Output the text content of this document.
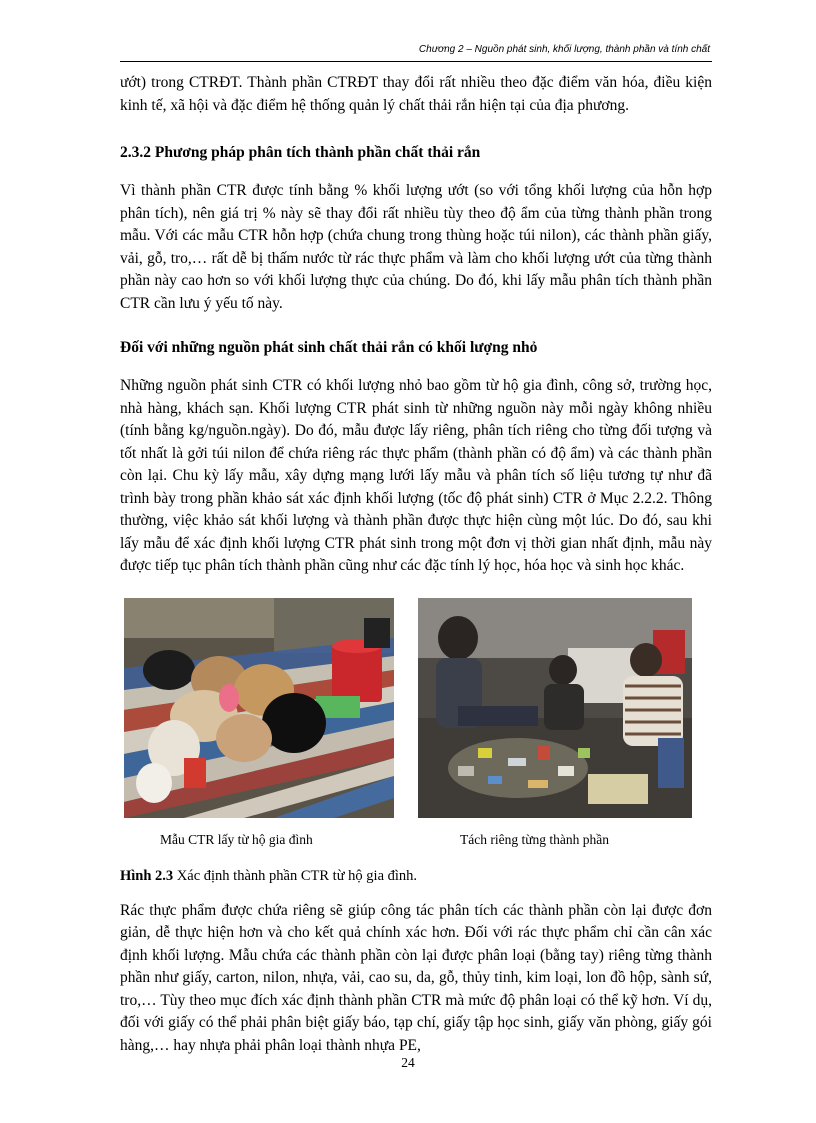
Chương 2 – Nguồn phát sinh, khối lượng, thành phần và tính chất

ướt) trong CTRĐT. Thành phần CTRĐT thay đổi rất nhiều theo đặc điểm văn hóa, điều kiện kinh tế, xã hội và đặc điểm hệ thống quản lý chất thải rắn hiện tại của địa phương.

2.3.2 Phương pháp phân tích thành phần chất thải rắn

Vì thành phần CTR được tính bằng % khối lượng ướt (so với tổng khối lượng của hỗn hợp phân tích), nên giá trị % này sẽ thay đổi rất nhiều tùy theo độ ẩm của từng thành phần trong mẫu. Với các mẫu CTR hỗn hợp (chứa chung trong thùng hoặc túi nilon), các thành phần giấy, vải, gỗ, tro,… rất dễ bị thấm nước từ rác thực phẩm và làm cho khối lượng ướt của từng thành phần này cao hơn so với khối lượng thực của chúng. Do đó, khi lấy mẫu phân tích thành phần CTR cần lưu ý yếu tố này.

Đối với những nguồn phát sinh chất thải rắn có khối lượng nhỏ

Những nguồn phát sinh CTR có khối lượng nhỏ bao gồm từ hộ gia đình, công sở, trường học, nhà hàng, khách sạn. Khối lượng CTR phát sinh từ những nguồn này mỗi ngày không nhiều (tính bằng kg/nguồn.ngày). Do đó, mẫu được lấy riêng, phân tích riêng cho từng đối tượng và tốt nhất là gởi túi nilon để chứa riêng rác thực phẩm (thành phần có độ ẩm) và các thành phần còn lại. Chu kỳ lấy mẫu, xây dựng mạng lưới lấy mẫu và phân tích số liệu tương tự như đã trình bày trong phần khảo sát xác định khối lượng (tốc độ phát sinh) CTR ở Mục 2.2.2. Thông thường, việc khảo sát khối lượng và thành phần được thực hiện cùng một lúc. Do đó, sau khi lấy mẫu để xác định khối lượng CTR phát sinh trong một đơn vị thời gian nhất định, mẫu này được tiếp tục phân tích thành phần cũng như các đặc tính lý học, hóa học và sinh học khác.

Mẫu CTR lấy từ hộ gia đình	Tách riêng từng thành phần
Hình 2.3 Xác định thành phần CTR từ hộ gia đình.

Rác thực phẩm được chứa riêng sẽ giúp công tác phân tích các thành phần còn lại được đơn giản, dễ thực hiện hơn và cho kết quả chính xác hơn. Đối với rác thực phẩm chỉ cần cân xác định khối lượng. Mẫu chứa các thành phần còn lại được phân loại (bằng tay) riêng từng thành phần như giấy, carton, nilon, nhựa, vải, cao su, da, gỗ, thủy tinh, kim loại, lon đồ hộp, sành sứ, tro,… Tùy theo mục đích xác định thành phần CTR mà mức độ phân loại có thể kỹ hơn. Ví dụ, đối với giấy có thể phải phân biệt giấy báo, tạp chí, giấy tập học sinh, giấy văn phòng, giấy gói hàng,… hay nhựa phải phân loại thành nhựa PE,

24
